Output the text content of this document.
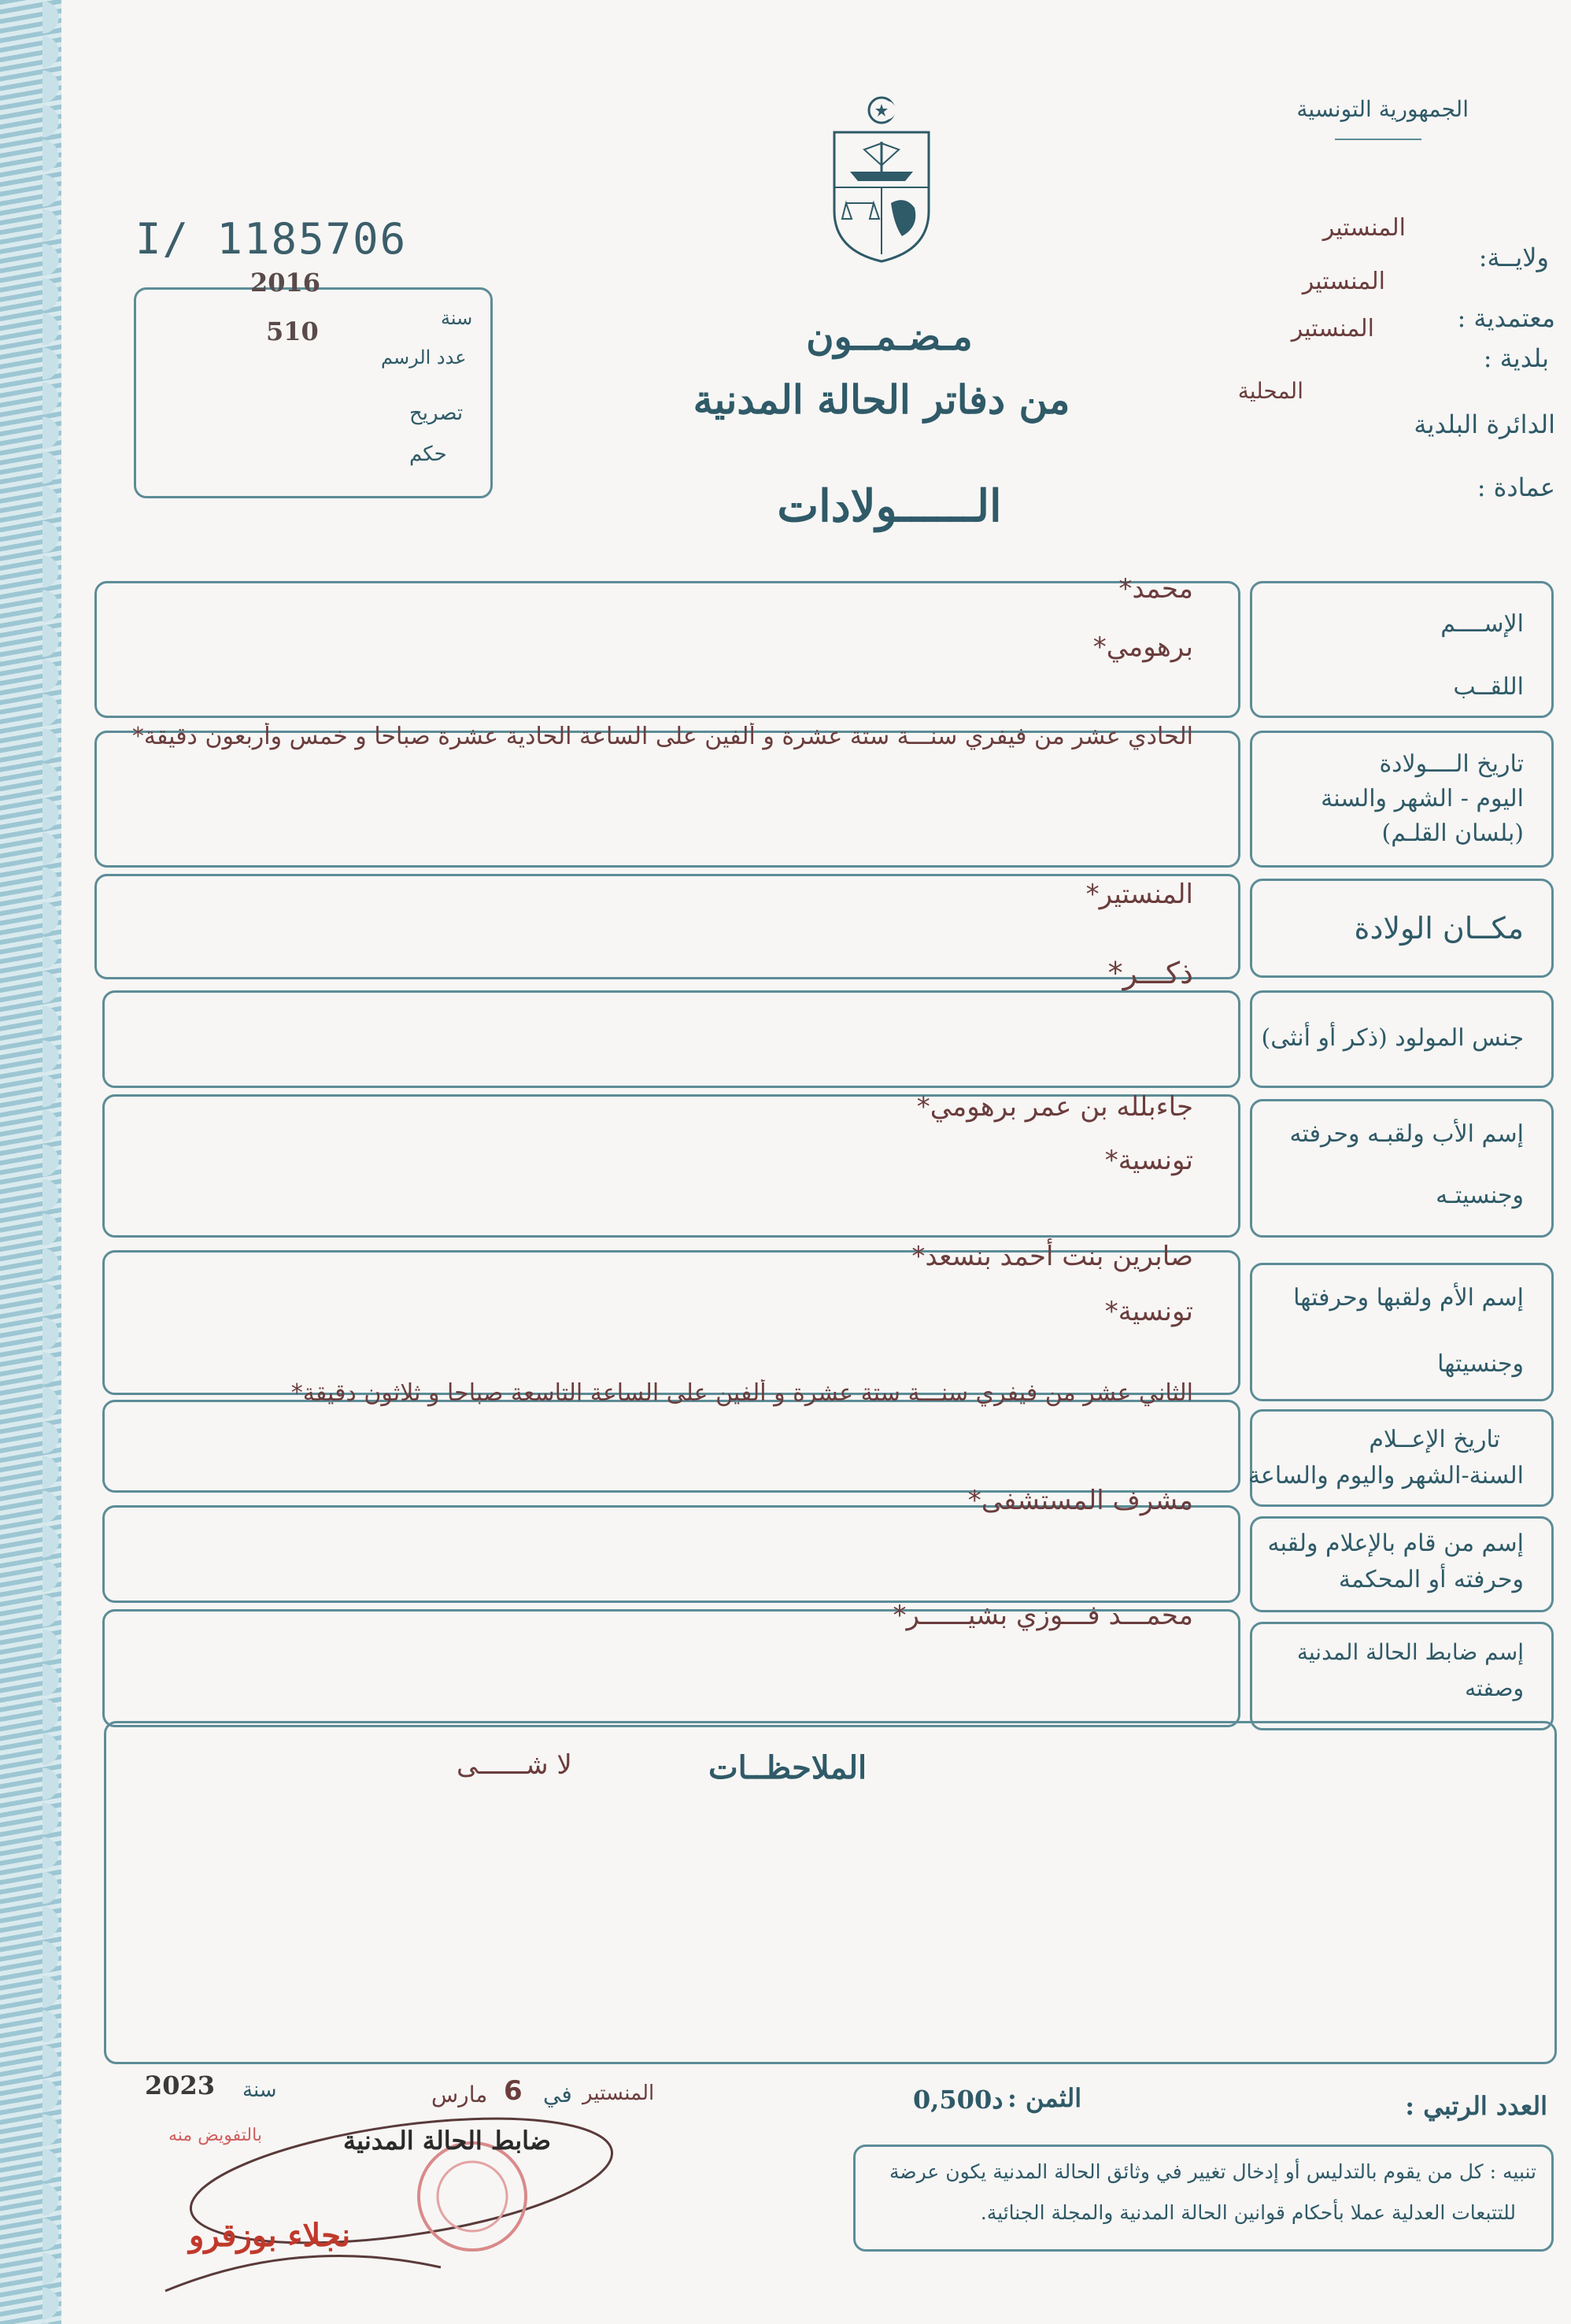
الجمهورية التونسية
ولايــة:
المنستير
المنستير
معتمدية :
المنستير
بلدية :
المحلية
الدائرة البلدية
عمادة :
I/ 1185706
2016
سنة
510
عدد الرسم
تصريح
حكم
مـضـمــون
من دفاتر الحالة المدنية
الــــــولادات
الإســــم
اللقــب
محمد*
برهومي*
تاريخ الــــولادة
اليوم - الشهر والسنة
(بلسان القلـم)
الحادي عشر من فيفري سنـــة ستة عشرة و ألفين على الساعة الحادية عشرة صباحا و خمس وأربعون دقيقة*
مكــان الولادة
المنستير*
جنس المولود (ذكر أو أنثى)
ذكـــر*
إسم الأب ولقبـه وحرفته
وجنسيتـه
جاءبلله بن عمر برهومي*
تونسية*
إسم الأم ولقبها وحرفتها
وجنسيتها
صابرين بنت أحمد بنسعد*
تونسية*
تاريخ الإعــلام
السنة-الشهر واليوم والساعة
الثاني عشر من فيفري سنـــة ستة عشرة و ألفين على الساعة التاسعة صباحا و ثلاثون دقيقة*
إسم من قام بالإعلام ولقبه
وحرفته أو المحكمة
مشرف المستشفى*
إسم ضابط الحالة المدنية
وصفته
محمـــد فـــوزي بشيــــــر*
الملاحظــات
لا شــــــى
العدد الرتبي :
الثمن :
0,500د
المنستير
في
6
مارس
سنة
2023
ضابط الحالة المدنية
بالتفويض منه
نجلاء بوزقرو
تنبيه : كل من يقوم بالتدليس أو إدخال تغيير في وثائق الحالة المدنية يكون عرضة
للتتبعات العدلية عملا بأحكام قوانين الحالة المدنية والمجلة الجنائية.
